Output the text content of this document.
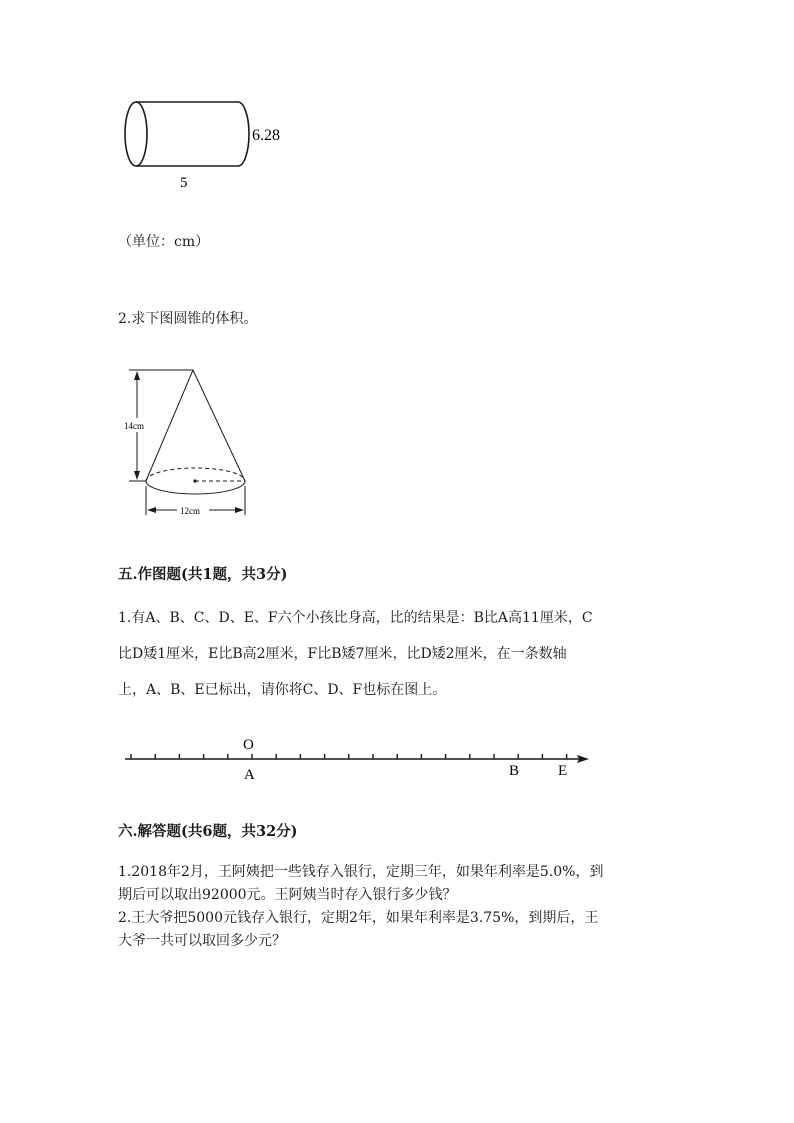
6.28
5
（单位：cm）
2.求下图圆锥的体积。
14cm
12cm
五.作图题(共1题，共3分)
1.有A、B、C、D、E、F六个小孩比身高，比的结果是：B比A高11厘米，C
比D矮1厘米，E比B高2厘米，F比B矮7厘米，比D矮2厘米，在一条数轴
上，A、B、E已标出，请你将C、D、F也标在图上。
O
A	B	E
六.解答题(共6题，共32分)
1.2018年2月，王阿姨把一些钱存入银行，定期三年，如果年利率是5.0%，到
期后可以取出92000元。王阿姨当时存入银行多少钱？
2.王大爷把5000元钱存入银行，定期2年，如果年利率是3.75%，到期后，王
大爷一共可以取回多少元？
